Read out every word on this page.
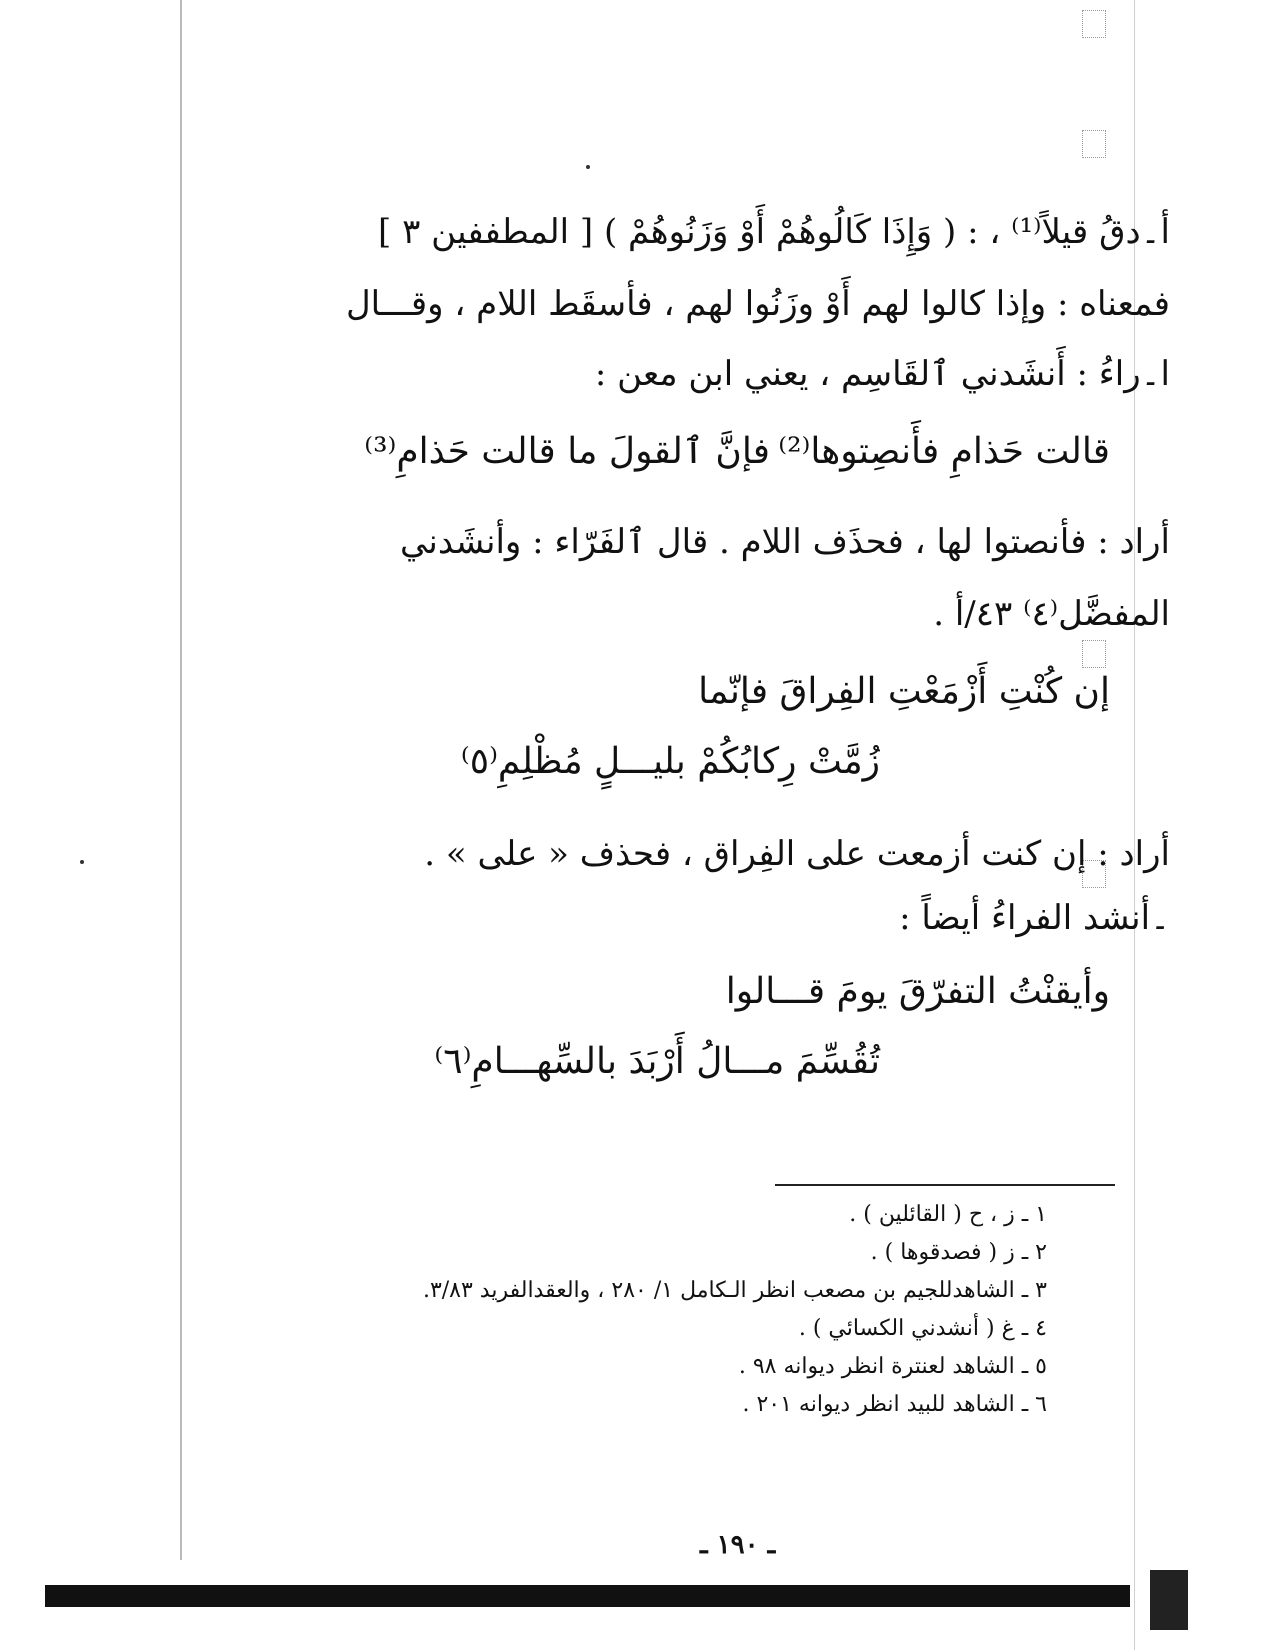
أ۔دقُ قيلاً⁽¹⁾ ، : ( وَإِذَا كَالُوهُمْ أَوْ وَزَنُوهُمْ ) [ المطففين ٣ ]
فمعناه : وإذا كالوا لهم أَوْ وزَنُوا لهم ، فأسقَط اللام ، وقـــال
ا۔راءُ : أَنشَدني ٱلقَاسِم ، يعني ابن معن :
قالت حَذامِ فأَنصِتوها⁽²⁾
فإنَّ ٱلقولَ ما قالت حَذامِ⁽³⁾
أراد : فأنصتوا لها ، فحذَف اللام . قال ٱلفَرّاء : وأنشَدني
المفضَّل⁽٤⁾ ٤٣/أ .
إن كُنْتِ أَزْمَعْتِ الفِراقَ فإنّما
زُمَّتْ رِكابُكُمْ بليـــلٍ مُظْلِمِ⁽٥⁾
أراد : إن كنت أزمعت على الفِراق ، فحذف « على » .
۔أنشد الفراءُ أيضاً :
وأيقنْتُ التفرّقَ يومَ قـــالوا
تُقُسِّمَ مـــالُ أَرْبَدَ بالسِّهـــامِ⁽٦⁾
١ ـ ز ، ح ( القائلين ) .
٢ ـ ز ( فصدقوها ) .
٣ ـ الشاهدللجيم بن مصعب انظر الـكامل ١/ ٢٨٠ ، والعقدالفريد ٣/٨٣.
٤ ـ غ ( أنشدني الكسائي ) .
٥ ـ الشاهد لعنترة انظر ديوانه ٩٨ .
٦ ـ الشاهد للبيد انظر ديوانه ٢٠١ .
ـ ١٩٠ ـ
